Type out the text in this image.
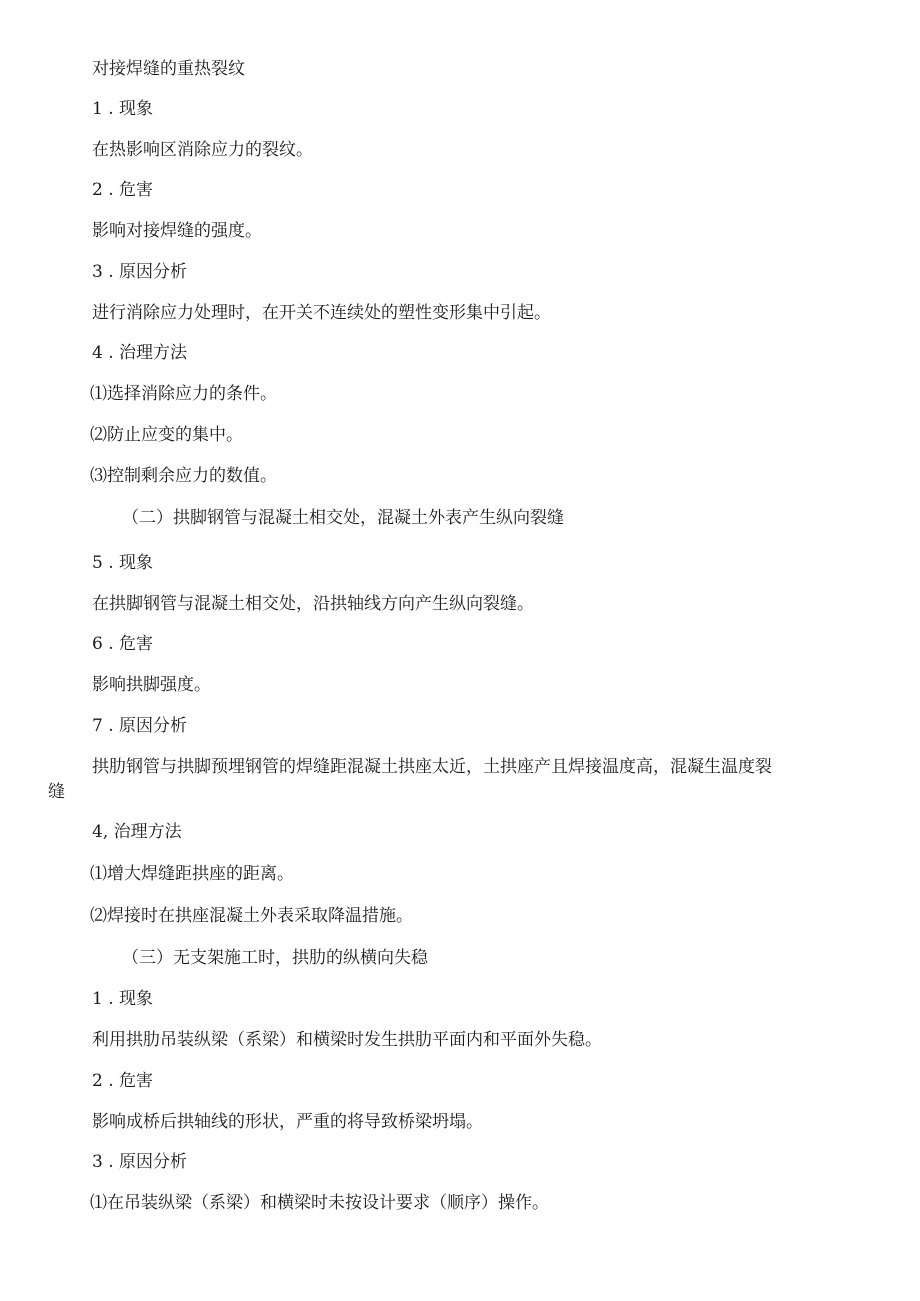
对接焊缝的重热裂纹
1 . 现象
在热影响区消除应力的裂纹。
2 . 危害
影响对接焊缝的强度。
3 . 原因分析
进行消除应力处理时，在开关不连续处的塑性变形集中引起。
4 . 治理方法
⑴选择消除应力的条件。
⑵防止应变的集中。
⑶控制剩余应力的数值。
（二）拱脚钢管与混凝土相交处，混凝土外表产生纵向裂缝
5 . 现象
在拱脚钢管与混凝土相交处，沿拱轴线方向产生纵向裂缝。
6 . 危害
影响拱脚强度。
7 . 原因分析
拱肋钢管与拱脚预埋钢管的焊缝距混凝土拱座太近，土拱座产且焊接温度高，混凝生温度裂
缝
4, 治理方法
⑴增大焊缝距拱座的距离。
⑵焊接时在拱座混凝土外表采取降温措施。
（三）无支架施工时，拱肋的纵横向失稳
1 . 现象
利用拱肋吊装纵梁（系梁）和横梁时发生拱肋平面内和平面外失稳。
2 . 危害
影响成桥后拱轴线的形状，严重的将导致桥梁坍塌。
3 . 原因分析
⑴在吊装纵梁（系梁）和横梁时未按设计要求（顺序）操作。
